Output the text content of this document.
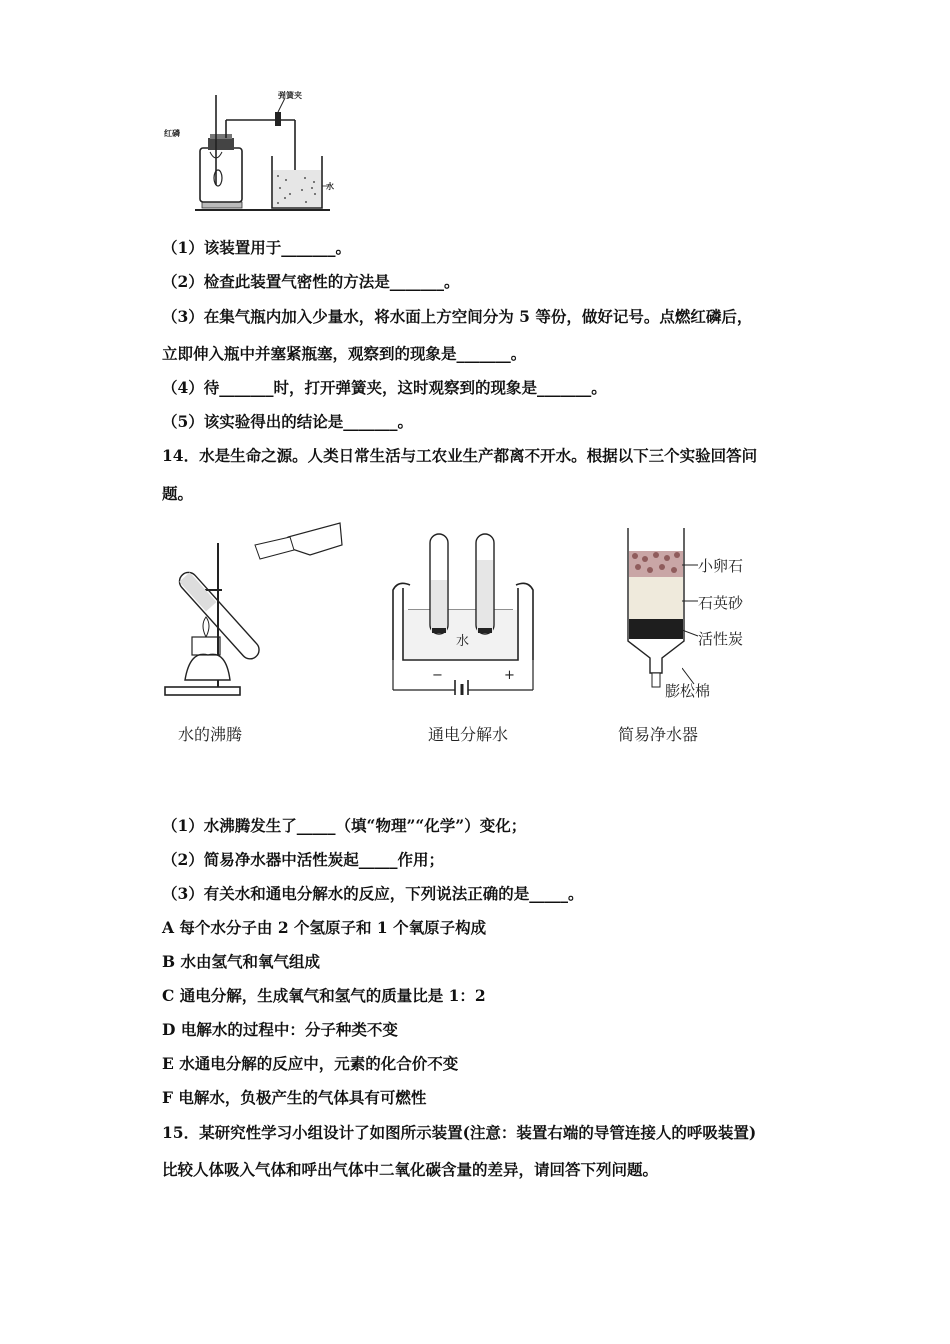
红磷
弹簧夹
水
（1）该装置用于_______。
（2）检查此装置气密性的方法是_______。
（3）在集气瓶内加入少量水，将水面上方空间分为 5 等份，做好记号。点燃红磷后，
立即伸入瓶中并塞紧瓶塞，观察到的现象是_______。
（4）待_______时，打开弹簧夹，这时观察到的现象是_______。
（5）该实验得出的结论是_______。
14．水是生命之源。人类日常生活与工农业生产都离不开水。根据以下三个实验回答问
题。
水的沸腾
水
−	+
通电分解水
小卵石
石英砂
活性炭
膨松棉
简易净水器
（1）水沸腾发生了_____（填“物理”“化学”）变化；
（2）简易净水器中活性炭起_____作用；
（3）有关水和通电分解水的反应，下列说法正确的是_____。
A 每个水分子由 2 个氢原子和 1 个氧原子构成
B 水由氢气和氧气组成
C 通电分解，生成氧气和氢气的质量比是 1：2
D 电解水的过程中：分子种类不变
E 水通电分解的反应中，元素的化合价不变
F 电解水，负极产生的气体具有可燃性
15．某研究性学习小组设计了如图所示装置(注意：装置右端的导管连接人的呼吸装置)
比较人体吸入气体和呼出气体中二氧化碳含量的差异，请回答下列问题。
